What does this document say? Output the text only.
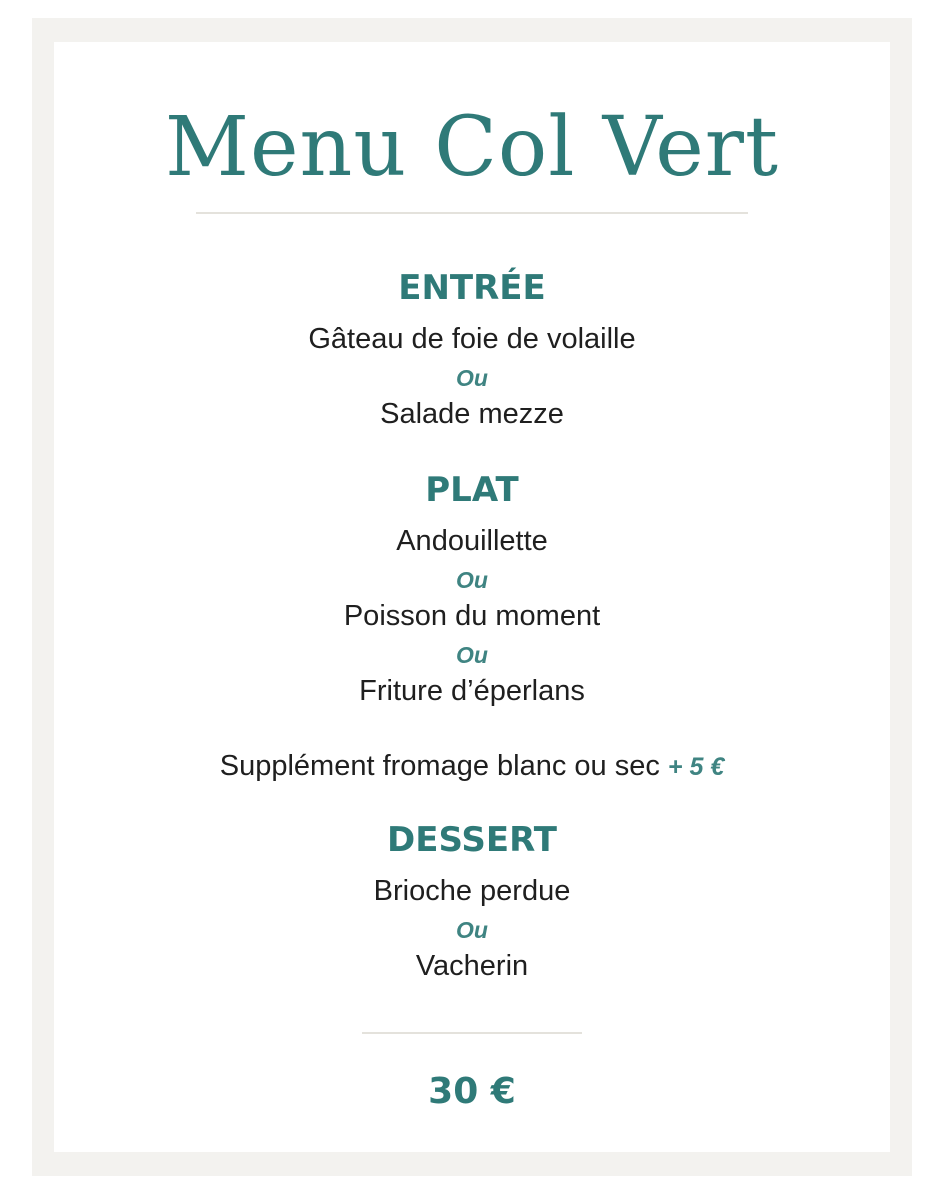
Menu Col Vert
ENTRÉE
Gâteau de foie de volaille
Ou
Salade mezze
PLAT
Andouillette
Ou
Poisson du moment
Ou
Friture d’éperlans
Supplément fromage blanc ou sec + 5 €
DESSERT
Brioche perdue
Ou
Vacherin
30 €
